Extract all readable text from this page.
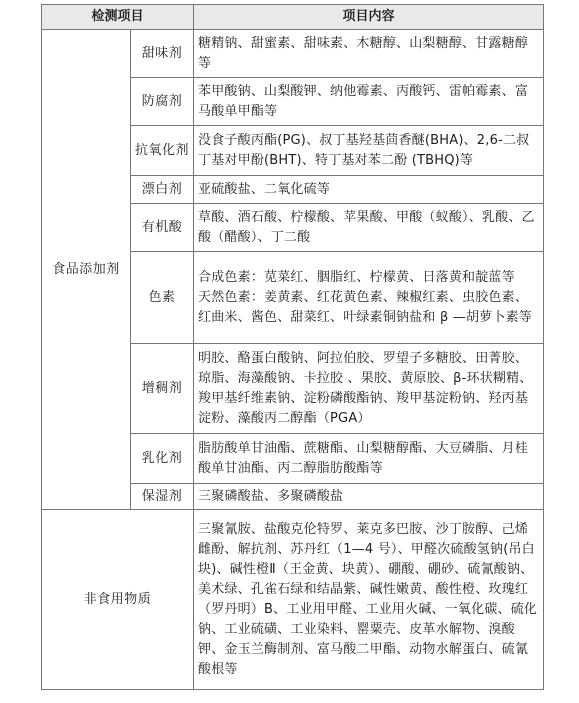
检测项目		项目内容
食品添加剂	甜味剂	糖精钠、甜蜜素、甜味素、木糖醇、山梨糖醇、甘露糖醇等
	防腐剂	苯甲酸钠、山梨酸钾、纳他霉素、丙酸钙、雷帕霉素、富马酸单甲酯等
	抗氧化剂	没食子酸丙酯(PG)、叔丁基羟基茴香醚(BHA)、2,6-二叔丁基对甲酚(BHT)、特丁基对苯二酚 (TBHQ)等
	漂白剂	亚硫酸盐、二氧化硫等
	有机酸	草酸、酒石酸、柠檬酸、苹果酸、甲酸（蚁酸）、乳酸、乙酸（醋酸）、丁二酸
	色素	合成色素：苋菜红、胭脂红、柠檬黄、日落黄和靛蓝等
天然色素：姜黄素、红花黄色素、辣椒红素、虫胶色素、红曲米、酱色、甜菜红、叶绿素铜钠盐和 β —胡萝卜素等
	增稠剂	明胶、酪蛋白酸钠、阿拉伯胶、罗望子多糖胶、田菁胶、琼脂、海藻酸钠、卡拉胶 、果胶、黄原胶、β-环状糊精、羧甲基纤维素钠、淀粉磷酸酯钠、羧甲基淀粉钠、羟丙基淀粉、藻酸丙二醇酯（PGA）
	乳化剂	脂肪酸单甘油酯、蔗糖酯、山梨糖醇酯、大豆磷脂、月桂酸单甘油酯、丙二醇脂肪酸酯等
	保湿剂	三聚磷酸盐、多聚磷酸盐
非食用物质		三聚氰胺、盐酸克伦特罗、莱克多巴胺、沙丁胺醇、己烯雌酚、解抗剂、苏丹红（1—4 号）、甲醛次硫酸氢钠(吊白块)、碱性橙Ⅱ（王金黄、块黄）、硼酸、硼砂、硫氰酸钠、美术绿、孔雀石绿和结晶紫、碱性嫩黄、酸性橙、玫瑰红（罗丹明）B、工业用甲醛、工业用火碱、一氧化碳、硫化钠、工业硫磺、工业染料、罂粟壳、皮革水解物、溴酸钾、金玉兰酶制剂、富马酸二甲酯、动物水解蛋白、硫氰酸根等
